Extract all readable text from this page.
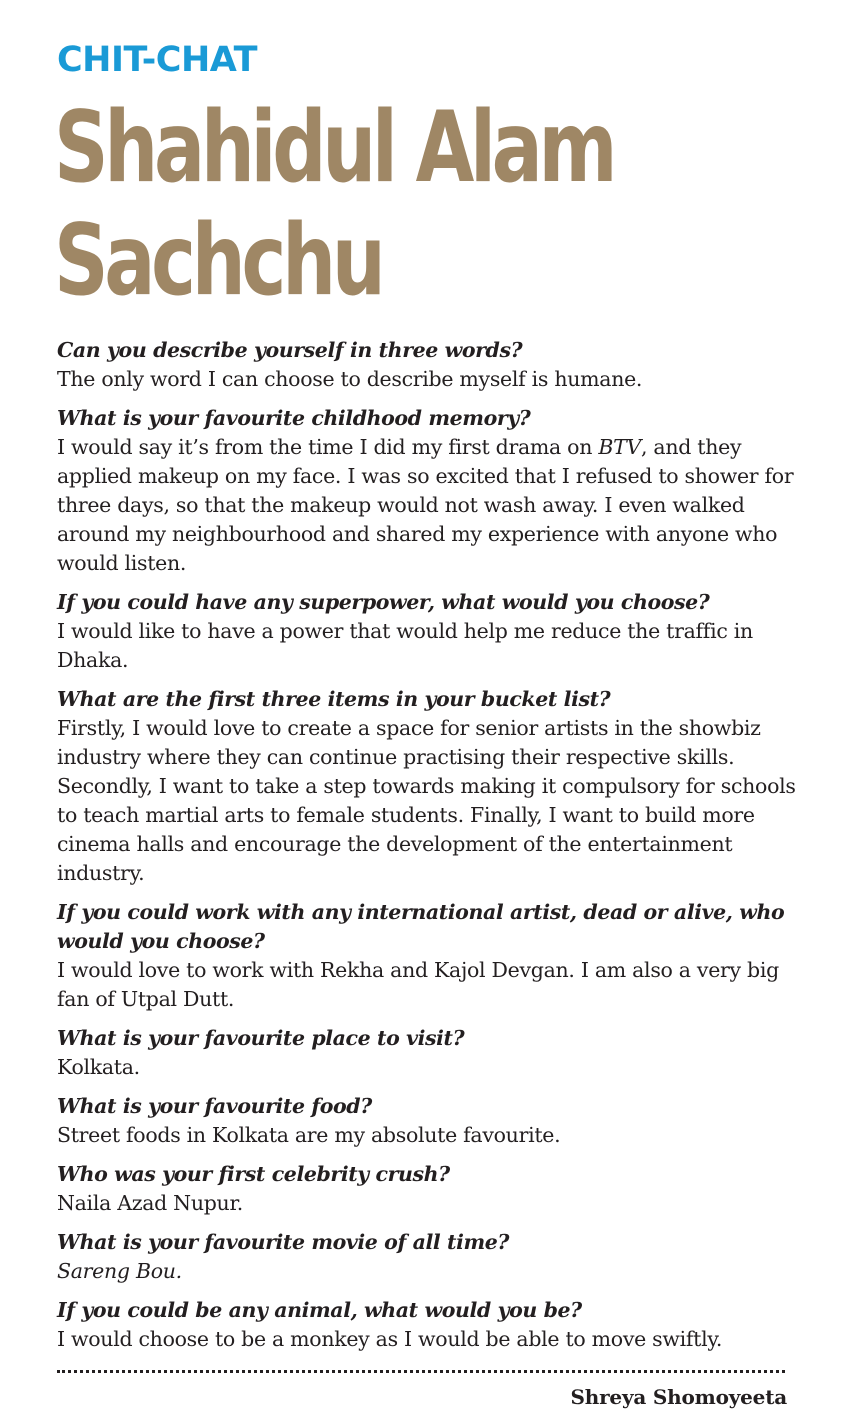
CHIT-CHAT
Shahidul Alam
Sachchu

Can you describe yourself in three words?
The only word I can choose to describe myself is humane.

What is your favourite childhood memory?
I would say it’s from the time I did my first drama on BTV, and they applied makeup on my face. I was so excited that I refused to shower for three days, so that the makeup would not wash away. I even walked around my neighbourhood and shared my experience with anyone who would listen.

If you could have any superpower, what would you choose?
I would like to have a power that would help me reduce the traffic in Dhaka.

What are the first three items in your bucket list?
Firstly, I would love to create a space for senior artists in the showbiz industry where they can continue practising their respective skills. Secondly, I want to take a step towards making it compulsory for schools to teach martial arts to female students. Finally, I want to build more cinema halls and encourage the development of the entertainment industry.

If you could work with any international artist, dead or alive, who would you choose?
I would love to work with Rekha and Kajol Devgan. I am also a very big fan of Utpal Dutt.

What is your favourite place to visit?
Kolkata.

What is your favourite food?
Street foods in Kolkata are my absolute favourite.

Who was your first celebrity crush?
Naila Azad Nupur.

What is your favourite movie of all time?
Sareng Bou.

If you could be any animal, what would you be?
I would choose to be a monkey as I would be able to move swiftly.

Shreya Shomoyeeta
